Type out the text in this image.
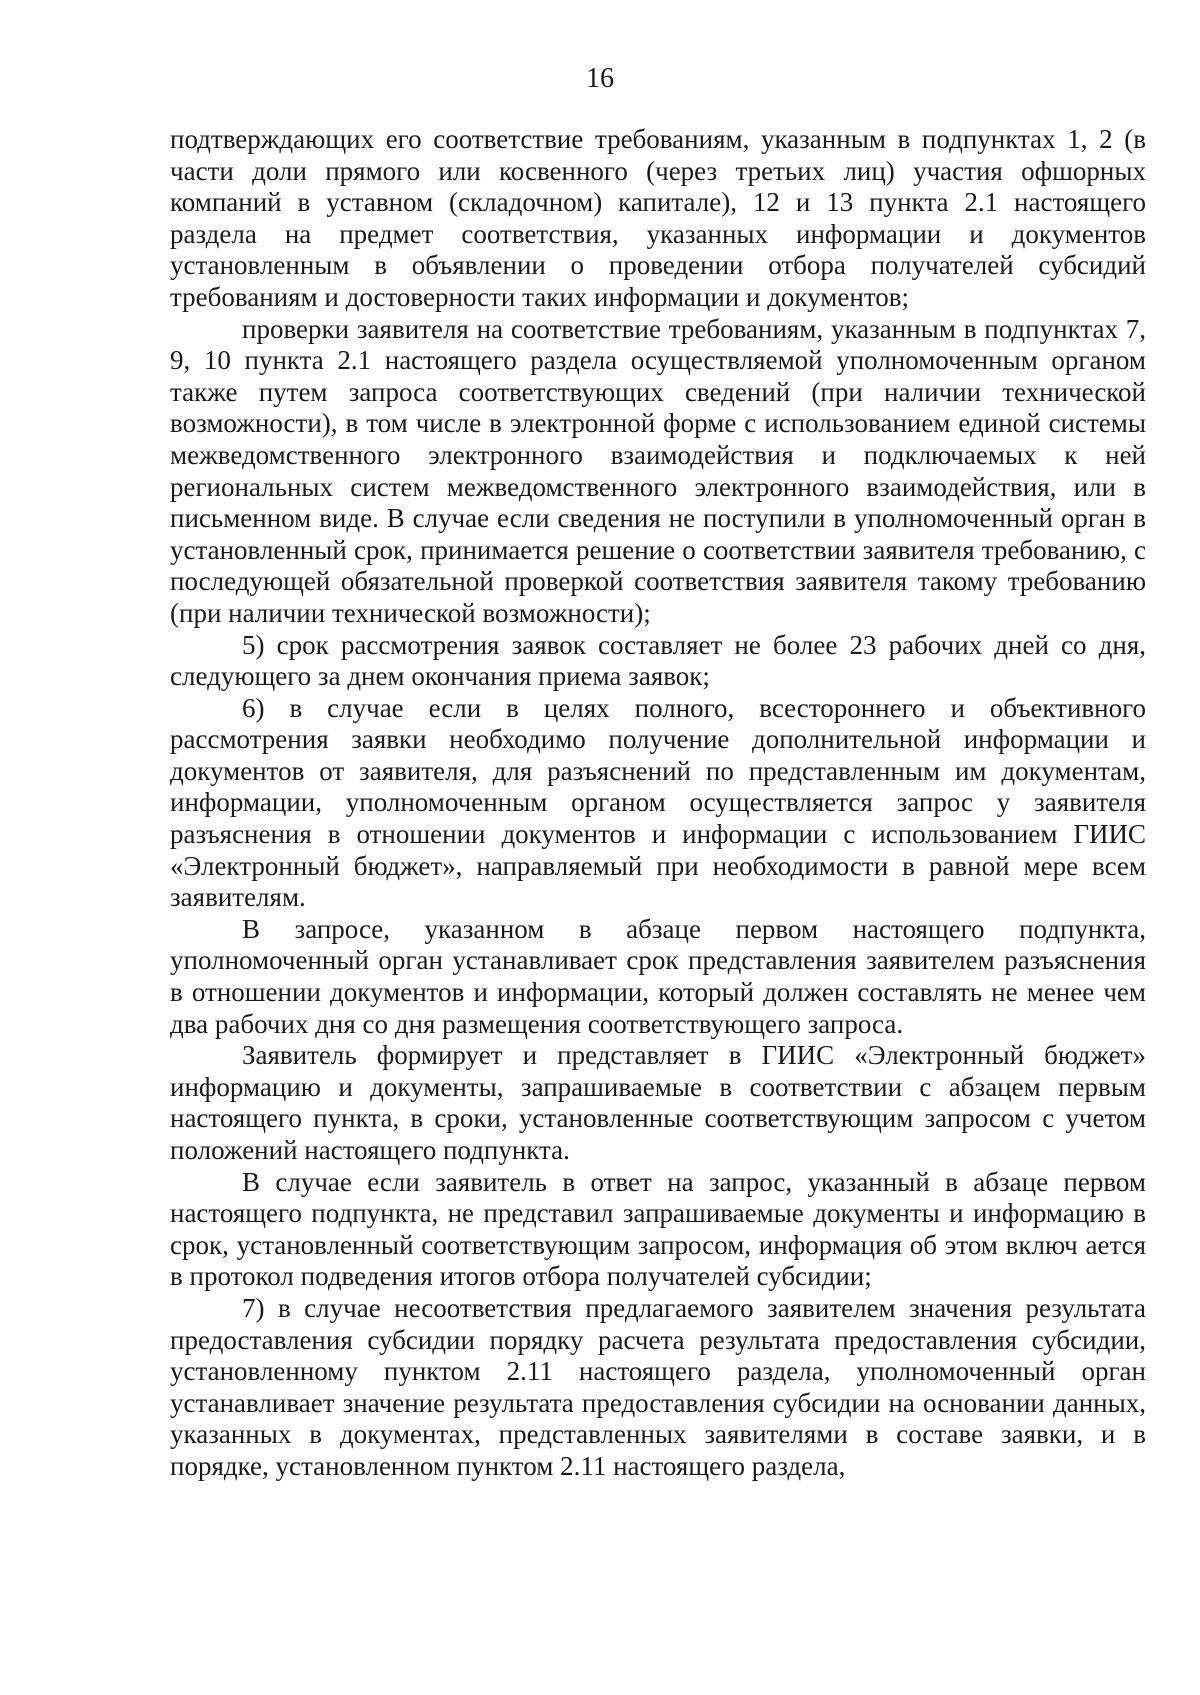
16

подтверждающих его соответствие требованиям, указанным в подпунктах 1, 2 (в части доли прямого или косвенного (через третьих лиц) участия офшорных компаний в уставном (складочном) капитале), 12 и 13 пункта 2.1 настоящего раздела на предмет соответствия, указанных информации и документов установленным в объявлении о проведении отбора получателей субсидий требованиям и достоверности таких информации и документов;

проверки заявителя на соответствие требованиям, указанным в подпунктах 7, 9, 10 пункта 2.1 настоящего раздела осуществляемой уполномоченным органом также путем запроса соответствующих сведений (при наличии технической возможности), в том числе в электронной форме с использованием единой системы межведомственного электронного взаимодействия и подключаемых к ней региональных систем межведомственного электронного взаимодействия, или в письменном виде. В случае если сведения не поступили в уполномоченный орган в установленный срок, принимается решение о соответствии заявителя требованию, с последующей обязательной проверкой соответствия заявителя такому требованию (при наличии технической возможности);

5) срок рассмотрения заявок составляет не более 23 рабочих дней со дня, следующего за днем окончания приема заявок;

6) в случае если в целях полного, всестороннего и объективного рассмотрения заявки необходимо получение дополнительной информации и документов от заявителя, для разъяснений по представленным им документам, информации, уполномоченным органом осуществляется запрос у заявителя разъяснения в отношении документов и информации с использованием ГИИС «Электронный бюджет», направляемый при необходимости в равной мере всем заявителям.

В запросе, указанном в абзаце первом настоящего подпункта, уполномоченный орган устанавливает срок представления заявителем разъяснения в отношении документов и информации, который должен составлять не менее чем два рабочих дня со дня размещения соответствующего запроса.

Заявитель формирует и представляет в ГИИС «Электронный бюджет» информацию и документы, запрашиваемые в соответствии с абзацем первым настоящего пункта, в сроки, установленные соответствующим запросом с учетом положений настоящего подпункта.

В случае если заявитель в ответ на запрос, указанный в абзаце первом настоящего подпункта, не представил запрашиваемые документы и информацию в срок, установленный соответствующим запросом, информация об этом включ ается в протокол подведения итогов отбора получателей субсидии;

7) в случае несоответствия предлагаемого заявителем значения результата предоставления субсидии порядку расчета результата предоставления субсидии, установленному пунктом 2.11 настоящего раздела, уполномоченный орган устанавливает значение результата предоставления субсидии на основании данных, указанных в документах, представленных заявителями в составе заявки, и в порядке, установленном пунктом 2.11 настоящего раздела,
